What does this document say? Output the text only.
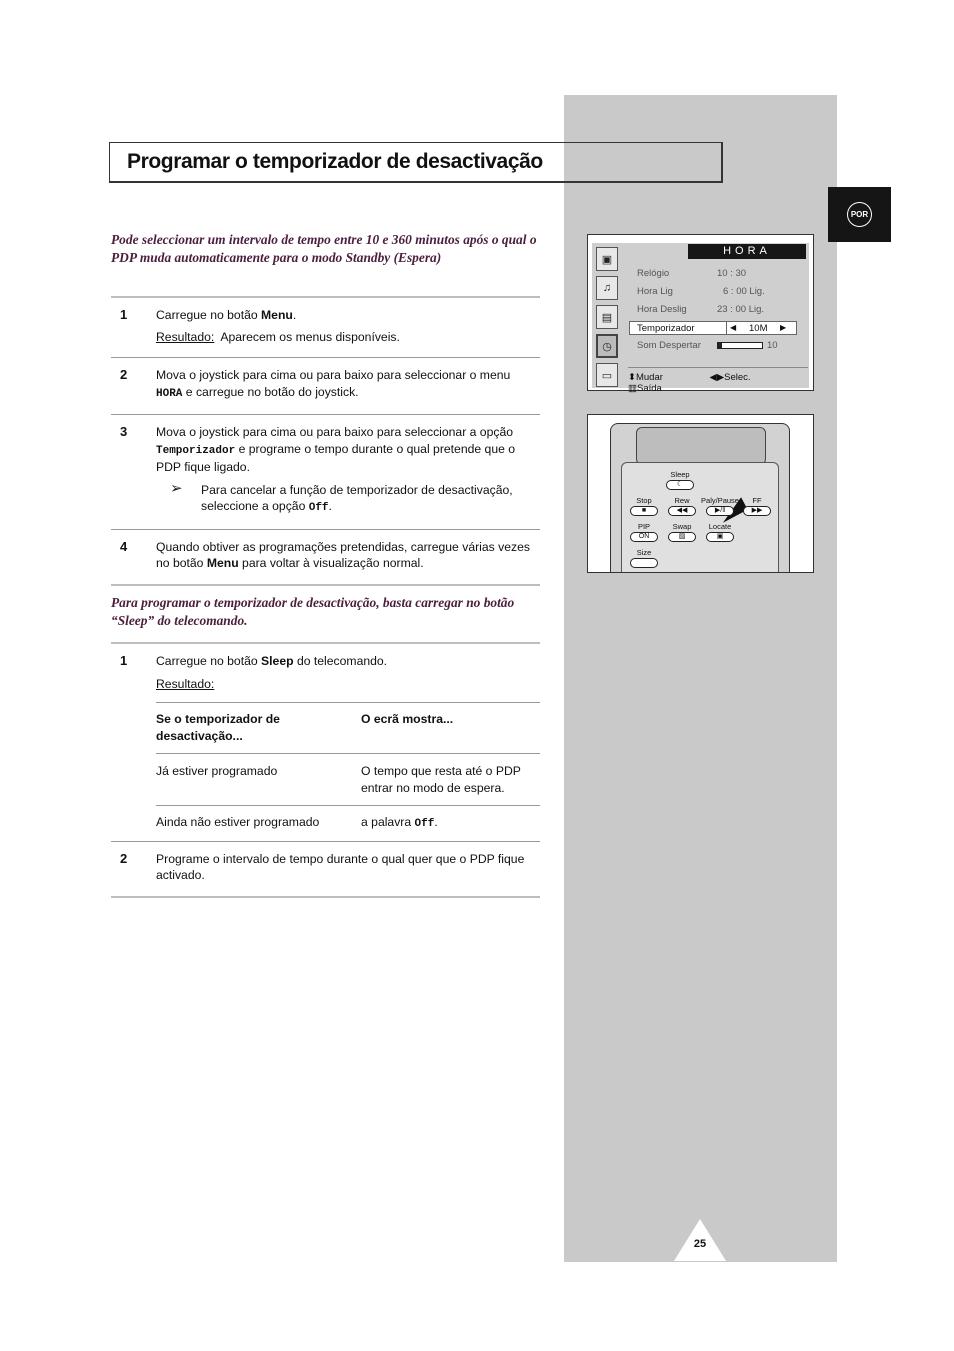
POR
Programar o temporizador de desactivação
Pode seleccionar um intervalo de tempo entre 10 e 360 minutos após o qual o PDP muda automaticamente para o modo Standby (Espera)
1 Carregue no botão Menu.

Resultado: Aparecem os menus disponíveis.

2 Mova o joystick para cima ou para baixo para seleccionar o menu HORA e carregue no botão do joystick.

3 Mova o joystick para cima ou para baixo para seleccionar a opção Temporizador e programe o tempo durante o qual pretende que o PDP fique ligado.

➢ Para cancelar a função de temporizador de desactivação, seleccione a opção Off.

4 Quando obtiver as programações pretendidas, carregue várias vezes no botão Menu para voltar à visualização normal.

Para programar o temporizador de desactivação, basta carregar no botão “Sleep” do telecomando.
1 Carregue no botão Sleep do telecomando.

Resultado:

Se o temporizador de desactivação...	O ecrã mostra...
Já estiver programado	O tempo que resta até o PDP entrar no modo de espera.
Ainda não estiver programado	a palavra Off.
2 Programe o intervalo de tempo durante o qual quer que o PDP fique activado.

▣
♫
▤
◷
▭
HORA
Relógio	10 : 30
Hora Lig	6 : 00 Lig.
Hora Deslig	23 : 00 Lig.
Temporizador	◀ 10M ▶
Som Despertar	10
⬍Mudar	◀▶Selec. ▥Saída
Sleep
☾
Stop
■
Rew
◀◀
Paly/Pause
▶/‖
FF
▶▶
PIP
ON
Swap
▨
Locate
▣
Size
25
